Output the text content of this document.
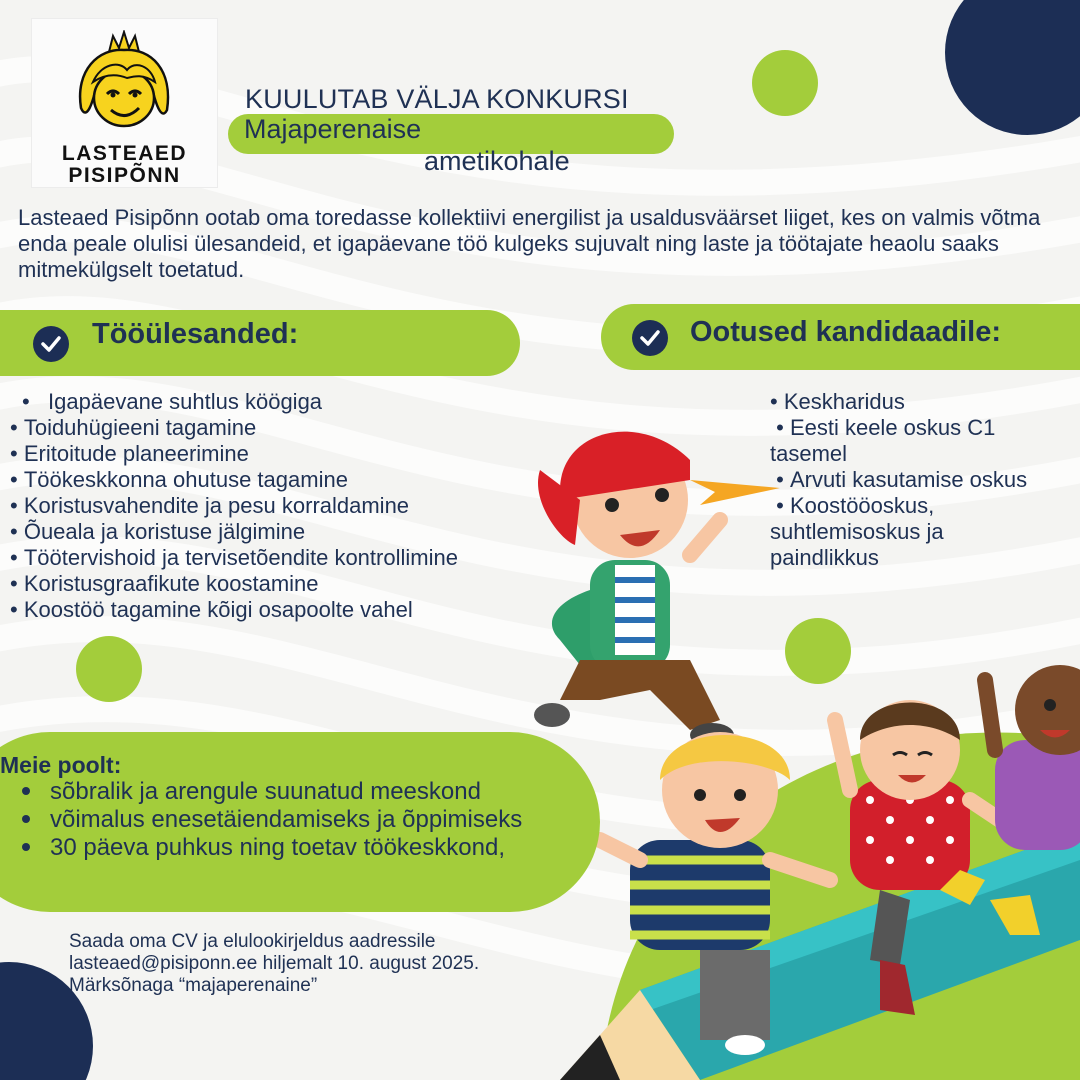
LASTEAED
PISIPÕNN
KUULUTAB VÄLJA KONKURSI
Majaperenaise
ametikohale
Lasteaed Pisipõnn ootab oma toredasse kollektiivi energilist ja usaldusväärset liiget, kes on valmis võtma enda peale olulisi ülesandeid, et igapäevane töö kulgeks sujuvalt ning laste ja töötajate heaolu saaks mitmekülgselt toetatud.
Tööülesanded:	Ootused kandidaadile:
•   Igapäevane suhtlus köögiga
• Toiduhügieeni tagamine
• Eritoitude planeerimine
• Töökeskkonna ohutuse tagamine
• Koristusvahendite ja pesu korraldamine
• Õueala ja koristuse jälgimine
• Töötervishoid ja tervisetõendite kontrollimine
• Koristusgraafikute koostamine
• Koostöö tagamine kõigi osapoolte vahel
• Keskharidus
• Eesti keele oskus C1 tasemel
• Arvuti kasutamise oskus
• Koostööoskus, suhtlemisoskus ja paindlikkus
Meie poolt:
sõbralik ja arengule suunatud meeskond
võimalus enesetäiendamiseks ja õppimiseks
30 päeva puhkus ning toetav töökeskkond,
Saada oma CV ja elulookirjeldus aadressile
lasteaed@pisiponn.ee hiljemalt 10. august 2025.
Märksõnaga “majaperenaine”
